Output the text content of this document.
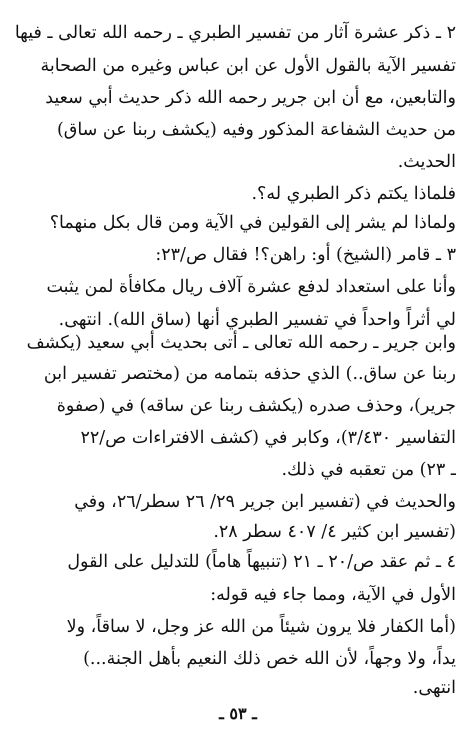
٢ ـ ذكر عشرة آثار من تفسير الطبري ـ رحمه الله تعالى ـ فيها
تفسير الآية بالقول الأول عن ابن عباس وغيره من الصحابة
والتابعين، مع أن ابن جرير رحمه الله ذكر حديث أبي سعيد
من حديث الشفاعة المذكور وفيه (يكشف ربنا عن ساق)
الحديث.
فلماذا يكتم ذكر الطبري له؟.
ولماذا لم يشر إلى القولين في الآية ومن قال بكل منهما؟
٣ ـ قامر (الشيخ) أو: راهن؟! فقال ص/٢٣:
وأنا على استعداد لدفع عشرة آلاف ريال مكافأة لمن يثبت
لي أثراً واحداً في تفسير الطبري أنها (ساق الله). انتهى.
وابن جرير ـ رحمه الله تعالى ـ أتى بحديث أبي سعيد (يكشف
ربنا عن ساق..) الذي حذفه بتمامه من (مختصر تفسير ابن
جرير)، وحذف صدره (يكشف ربنا عن ساقه) في (صفوة
التفاسير ٣/٤٣٠)، وكابر في (كشف الافتراءات ص/٢٢
ـ ٢٣) من تعقبه في ذلك.
والحديث في (تفسير ابن جرير ٢٩/ ٢٦ سطر/٢٦، وفي
(تفسير ابن كثير ٤/ ٤٠٧ سطر ٢٨.
٤ ـ ثم عقد ص/٢٠ ـ ٢١ (تنبيهاً هاماً) للتدليل على القول
الأول في الآية، ومما جاء فيه قوله:
(أما الكفار فلا يرون شيئاً من الله عز وجل، لا ساقاً، ولا
يداً، ولا وجهاً، لأن الله خص ذلك النعيم بأهل الجنة...)
انتهى.
ـ ٥٣ ـ
